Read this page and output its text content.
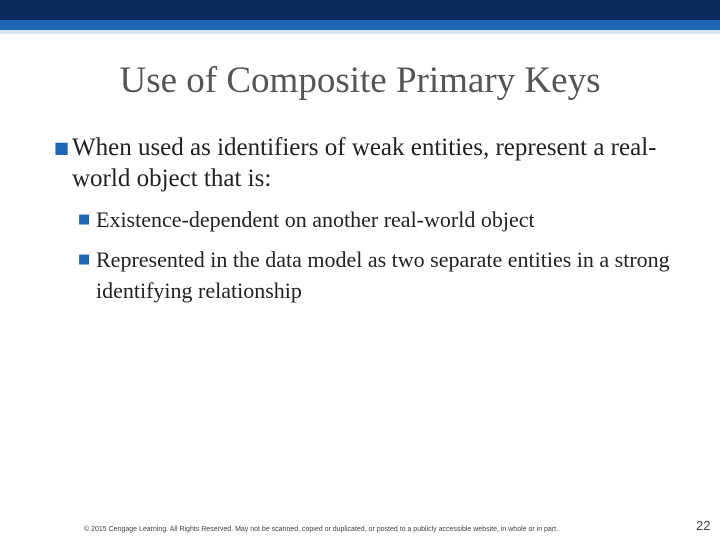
Use of Composite Primary Keys
■ When used as identifiers of weak entities, represent a real-world object that is:
■ Existence-dependent on another real-world object
■ Represented in the data model as two separate entities in a strong identifying relationship
© 2015 Cengage Learning. All Rights Reserved. May not be scanned, copied or duplicated, or posted to a publicly accessible website, in whole or in part.	22
